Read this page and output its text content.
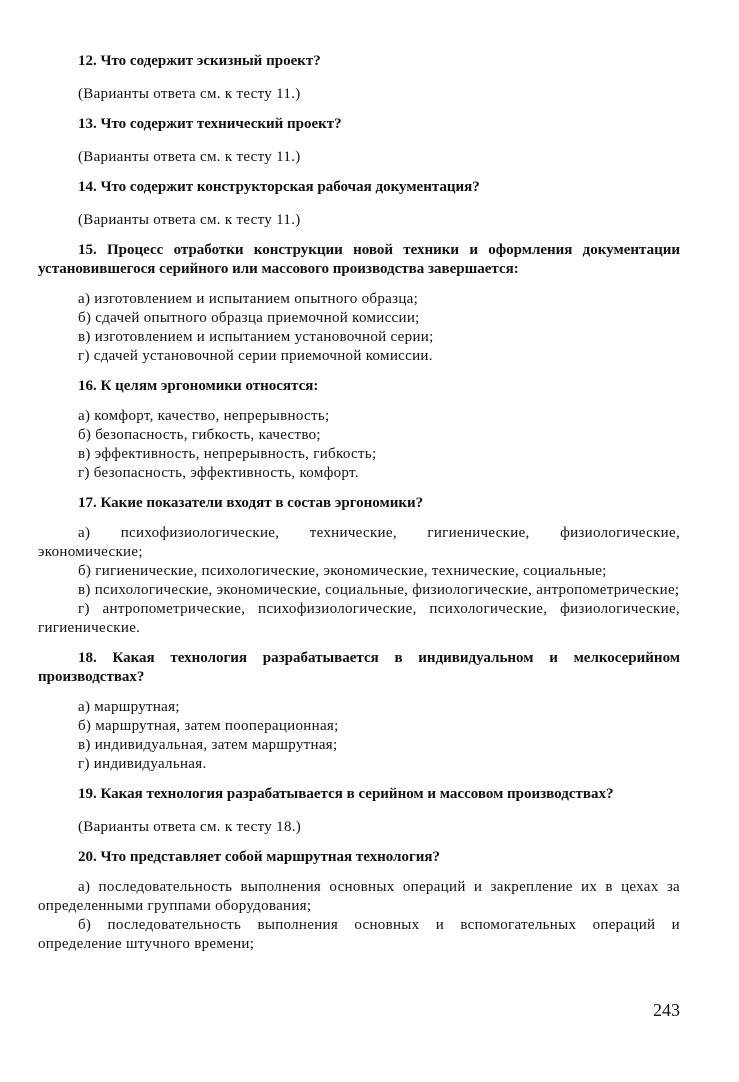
12. Что содержит эскизный проект?

(Варианты ответа см. к тесту 11.)

13. Что содержит технический проект?

(Варианты ответа см. к тесту 11.)

14. Что содержит конструкторская рабочая документация?

(Варианты ответа см. к тесту 11.)

15. Процесс отработки конструкции новой техники и оформления документации установившегося серийного или массового производства завершается:

а) изготовлением и испытанием опытного образца;

б) сдачей опытного образца приемочной комиссии;

в) изготовлением и испытанием установочной серии;

г) сдачей установочной серии приемочной комиссии.

16. К целям эргономики относятся:

а) комфорт, качество, непрерывность;

б) безопасность, гибкость, качество;

в) эффективность, непрерывность, гибкость;

г) безопасность, эффективность, комфорт.

17. Какие показатели входят в состав эргономики?

а) психофизиологические, технические, гигиенические, физиологические, экономические;

б) гигиенические, психологические, экономические, технические, социальные;

в) психологические, экономические, социальные, физиологические, антропометрические;

г) антропометрические, психофизиологические, психологические, физиологические, гигиенические.

18. Какая технология разрабатывается в индивидуальном и мелкосерийном производствах?

а) маршрутная;

б) маршрутная, затем пооперационная;

в) индивидуальная, затем маршрутная;

г) индивидуальная.

19. Какая технология разрабатывается в серийном и массовом производствах?

(Варианты ответа см. к тесту 18.)

20. Что представляет собой маршрутная технология?

а) последовательность выполнения основных операций и закрепление их в цехах за определенными группами оборудования;

б) последовательность выполнения основных и вспомогательных операций и определение штучного времени;

243
